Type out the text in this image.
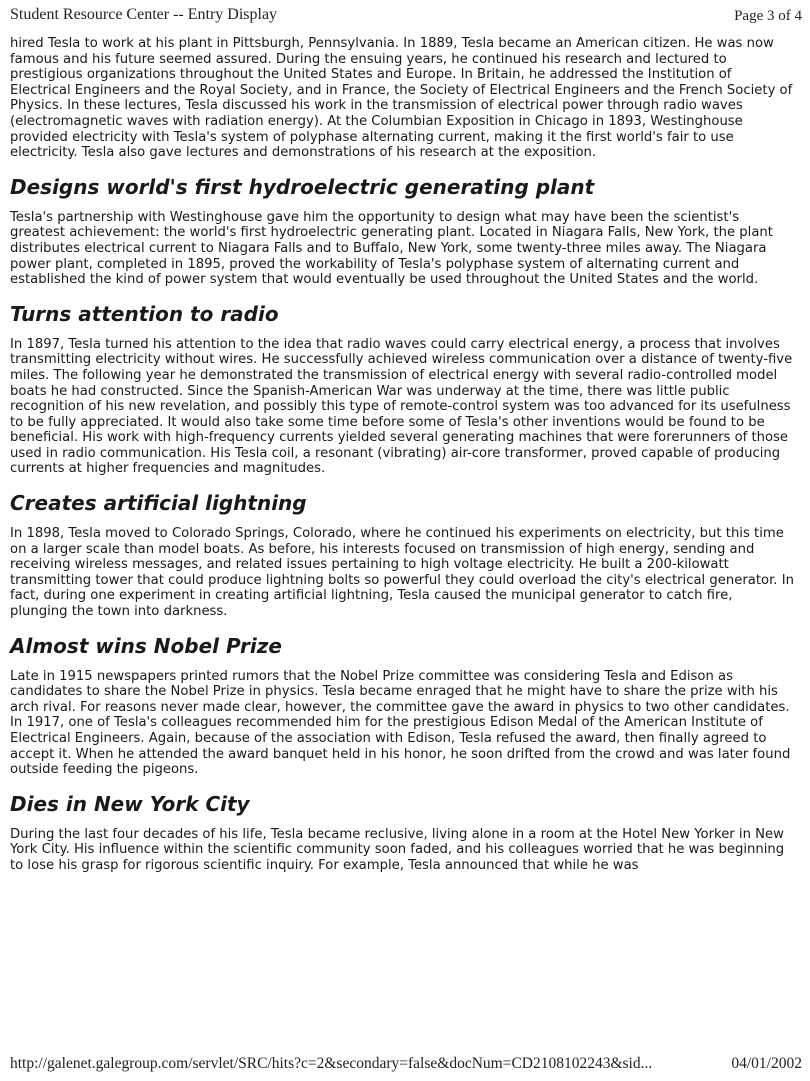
Student Resource Center -- Entry Display	Page 3 of 4

hired Tesla to work at his plant in Pittsburgh, Pennsylvania. In 1889, Tesla became an American citizen. He was now famous and his future seemed assured. During the ensuing years, he continued his research and lectured to prestigious organizations throughout the United States and Europe. In Britain, he addressed the Institution of Electrical Engineers and the Royal Society, and in France, the Society of Electrical Engineers and the French Society of Physics. In these lectures, Tesla discussed his work in the transmission of electrical power through radio waves (electromagnetic waves with radiation energy). At the Columbian Exposition in Chicago in 1893, Westinghouse provided electricity with Tesla's system of polyphase alternating current, making it the first world's fair to use electricity. Tesla also gave lectures and demonstrations of his research at the exposition.

Designs world's first hydroelectric generating plant

Tesla's partnership with Westinghouse gave him the opportunity to design what may have been the scientist's greatest achievement: the world's first hydroelectric generating plant. Located in Niagara Falls, New York, the plant distributes electrical current to Niagara Falls and to Buffalo, New York, some twenty-three miles away. The Niagara power plant, completed in 1895, proved the workability of Tesla's polyphase system of alternating current and established the kind of power system that would eventually be used throughout the United States and the world.

Turns attention to radio

In 1897, Tesla turned his attention to the idea that radio waves could carry electrical energy, a process that involves transmitting electricity without wires. He successfully achieved wireless communication over a distance of twenty-five miles. The following year he demonstrated the transmission of electrical energy with several radio-controlled model boats he had constructed. Since the Spanish-American War was underway at the time, there was little public recognition of his new revelation, and possibly this type of remote-control system was too advanced for its usefulness to be fully appreciated. It would also take some time before some of Tesla's other inventions would be found to be beneficial. His work with high-frequency currents yielded several generating machines that were forerunners of those used in radio communication. His Tesla coil, a resonant (vibrating) air-core transformer, proved capable of producing currents at higher frequencies and magnitudes.

Creates artificial lightning

In 1898, Tesla moved to Colorado Springs, Colorado, where he continued his experiments on electricity, but this time on a larger scale than model boats. As before, his interests focused on transmission of high energy, sending and receiving wireless messages, and related issues pertaining to high voltage electricity. He built a 200-kilowatt transmitting tower that could produce lightning bolts so powerful they could overload the city's electrical generator. In fact, during one experiment in creating artificial lightning, Tesla caused the municipal generator to catch fire, plunging the town into darkness.

Almost wins Nobel Prize

Late in 1915 newspapers printed rumors that the Nobel Prize committee was considering Tesla and Edison as candidates to share the Nobel Prize in physics. Tesla became enraged that he might have to share the prize with his arch rival. For reasons never made clear, however, the committee gave the award in physics to two other candidates. In 1917, one of Tesla's colleagues recommended him for the prestigious Edison Medal of the American Institute of Electrical Engineers. Again, because of the association with Edison, Tesla refused the award, then finally agreed to accept it. When he attended the award banquet held in his honor, he soon drifted from the crowd and was later found outside feeding the pigeons.

Dies in New York City

During the last four decades of his life, Tesla became reclusive, living alone in a room at the Hotel New Yorker in New York City. His influence within the scientific community soon faded, and his colleagues worried that he was beginning to lose his grasp for rigorous scientific inquiry. For example, Tesla announced that while he was

http://galenet.galegroup.com/servlet/SRC/hits?c=2&secondary=false&docNum=CD2108102243&sid...	04/01/2002
